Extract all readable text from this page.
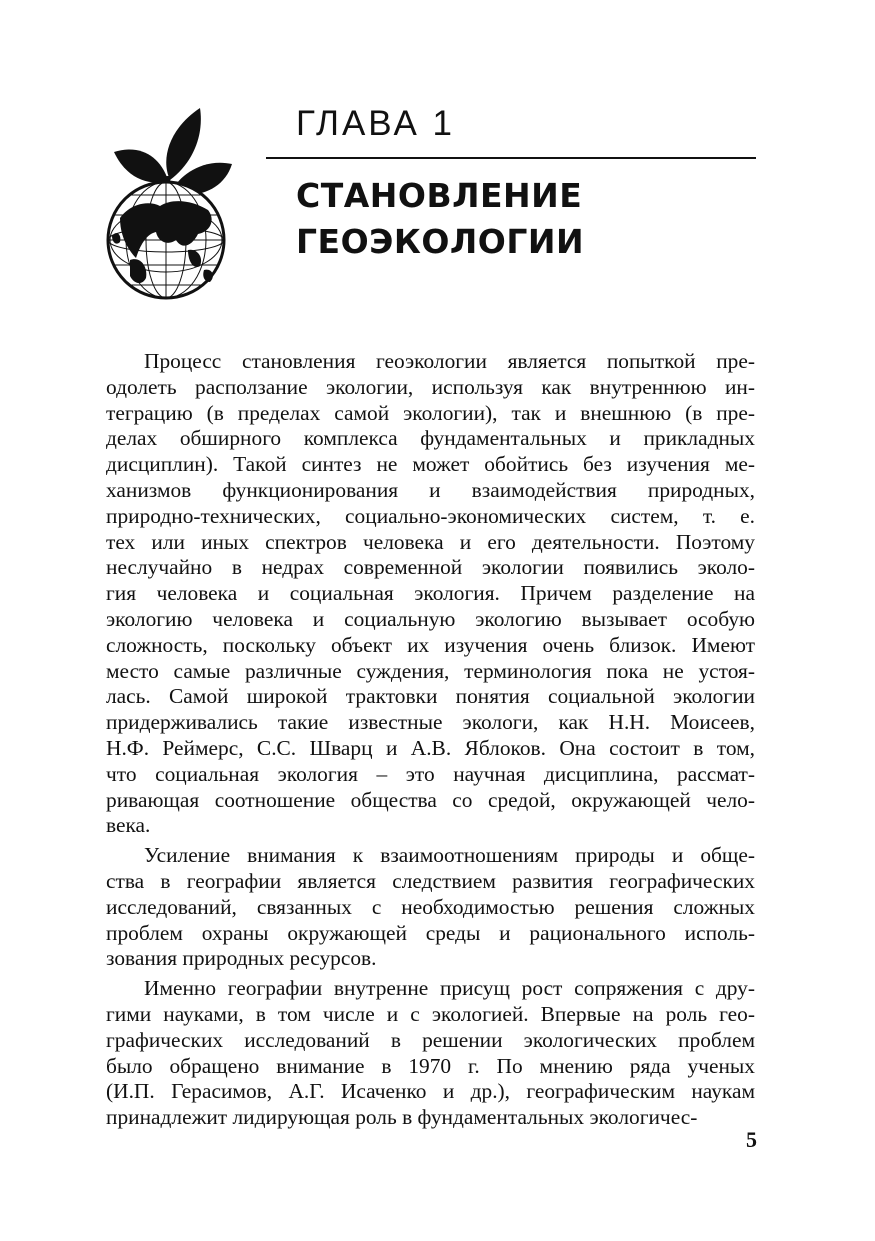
ГЛАВА 1
СТАНОВЛЕНИЕ
ГЕОЭКОЛОГИИ
Процесс становления геоэкологии является попыткой пре-
одолеть расползание экологии, используя как внутреннюю ин-
теграцию (в пределах самой экологии), так и внешнюю (в пре-
делах обширного комплекса фундаментальных и прикладных
дисциплин). Такой синтез не может обойтись без изучения ме-
ханизмов функционирования и взаимодействия природных,
природно-технических, социально-экономических систем, т. е.
тех или иных спектров человека и его деятельности. Поэтому
неслучайно в недрах современной экологии появились эколо-
гия человека и социальная экология. Причем разделение на
экологию человека и социальную экологию вызывает особую
сложность, поскольку объект их изучения очень близок. Имеют
место самые различные суждения, терминология пока не устоя-
лась. Самой широкой трактовки понятия социальной экологии
придерживались такие известные экологи, как Н.Н. Моисеев,
Н.Ф. Реймерс, С.С. Шварц и А.В. Яблоков. Она состоит в том,
что социальная экология – это научная дисциплина, рассмат-
ривающая соотношение общества со средой, окружающей чело-
века.
Усиление внимания к взаимоотношениям природы и обще-
ства в географии является следствием развития географических
исследований, связанных с необходимостью решения сложных
проблем охраны окружающей среды и рационального исполь-
зования природных ресурсов.
Именно географии внутренне присущ рост сопряжения с дру-
гими науками, в том числе и с экологией. Впервые на роль гео-
графических исследований в решении экологических проблем
было обращено внимание в 1970 г. По мнению ряда ученых
(И.П. Герасимов, А.Г. Исаченко и др.), географическим наукам
принадлежит лидирующая роль в фундаментальных экологичес-
5
